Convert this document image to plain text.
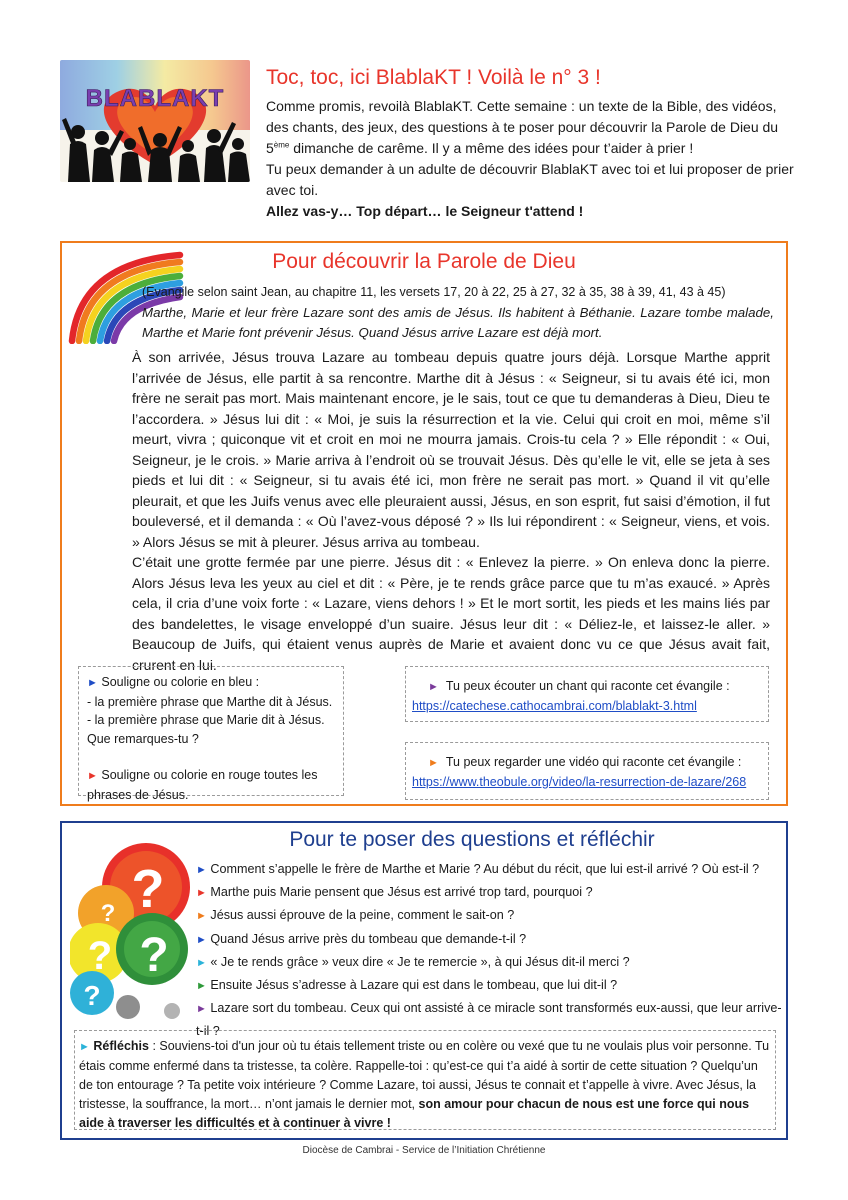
BLABLAKT
Toc, toc, ici BlablaKT ! Voilà le n° 3 !

Comme promis, revoilà BlablaKT. Cette semaine : un texte de la Bible, des vidéos, des chants, des jeux, des questions à te poser pour découvrir la Parole de Dieu du 5ème dimanche de carême. Il y a même des idées pour t’aider à prier !

Tu peux demander à un adulte de découvrir BlablaKT avec toi et lui proposer de prier avec toi.

Allez vas-y… Top départ… le Seigneur t'attend !

Pour découvrir la Parole de Dieu
(Evangile selon saint Jean, au chapitre 11, les versets 17, 20 à 22, 25 à 27, 32 à 35, 38 à 39, 41, 43 à 45)
Marthe, Marie et leur frère Lazare sont des amis de Jésus. Ils habitent à Béthanie. Lazare tombe malade, Marthe et Marie font prévenir Jésus. Quand Jésus arrive Lazare est déjà mort.

À son arrivée, Jésus trouva Lazare au tombeau depuis quatre jours déjà. Lorsque Marthe apprit l’arrivée de Jésus, elle partit à sa rencontre. Marthe dit à Jésus : « Seigneur, si tu avais été ici, mon frère ne serait pas mort. Mais maintenant encore, je le sais, tout ce que tu demanderas à Dieu, Dieu te l’accordera. » Jésus lui dit : « Moi, je suis la résurrection et la vie. Celui qui croit en moi, même s’il meurt, vivra ; quiconque vit et croit en moi ne mourra jamais. Crois-tu cela ? » Elle répondit : « Oui, Seigneur, je le crois. » Marie arriva à l’endroit où se trouvait Jésus. Dès qu’elle le vit, elle se jeta à ses pieds et lui dit : « Seigneur, si tu avais été ici, mon frère ne serait pas mort. » Quand il vit qu’elle pleurait, et que les Juifs venus avec elle pleuraient aussi, Jésus, en son esprit, fut saisi d’émotion, il fut bouleversé, et il demanda : « Où l’avez-vous déposé ? » Ils lui répondirent : « Seigneur, viens, et vois. » Alors Jésus se mit à pleurer. Jésus arriva au tombeau.

C’était une grotte fermée par une pierre. Jésus dit : « Enlevez la pierre. » On enleva donc la pierre. Alors Jésus leva les yeux au ciel et dit : « Père, je te rends grâce parce que tu m’as exaucé. » Après cela, il cria d’une voix forte : « Lazare, viens dehors ! » Et le mort sortit, les pieds et les mains liés par des bandelettes, le visage enveloppé d’un suaire. Jésus leur dit : « Déliez-le, et laissez-le aller. » Beaucoup de Juifs, qui étaient venus auprès de Marie et avaient donc vu ce que Jésus avait fait, crurent en lui.

► Souligne ou colorie en bleu :
- la première phrase que Marthe dit à Jésus.
- la première phrase que Marie dit à Jésus.
Que remarques-tu ?
► Souligne ou colorie en rouge toutes les phrases de Jésus.
► Tu peux écouter un chant qui raconte cet évangile :
https://catechese.cathocambrai.com/blablakt-3.html
► Tu peux regarder une vidéo qui raconte cet évangile :
https://www.theobule.org/video/la-resurrection-de-lazare/268
Pour te poser des questions et réfléchir
?
? ?
?
?
► Comment s’appelle le frère de Marthe et Marie ? Au début du récit, que lui est-il arrivé ? Où est-il ?
► Marthe puis Marie pensent que Jésus est arrivé trop tard, pourquoi ?
► Jésus aussi éprouve de la peine, comment le sait-on ?
► Quand Jésus arrive près du tombeau que demande-t-il ?
► « Je te rends grâce » veux dire « Je te remercie », à qui Jésus dit-il merci ?
► Ensuite Jésus s’adresse à Lazare qui est dans le tombeau, que lui dit-il ?
► Lazare sort du tombeau. Ceux qui ont assisté à ce miracle sont transformés eux-aussi, que leur arrive-t-il ?
► Réfléchis : Souviens-toi d'un jour où tu étais tellement triste ou en colère ou vexé que tu ne voulais plus voir personne. Tu étais comme enfermé dans ta tristesse, ta colère. Rappelle-toi : qu’est-ce qui t’a aidé à sortir de cette situation ? Quelqu’un de ton entourage ? Ta petite voix intérieure ? Comme Lazare, toi aussi, Jésus te connait et t’appelle à vivre. Avec Jésus, la tristesse, la souffrance, la mort… n’ont jamais le dernier mot, son amour pour chacun de nous est une force qui nous aide à traverser les difficultés et à continuer à vivre !
Diocèse de Cambrai - Service de l’Initiation Chrétienne
